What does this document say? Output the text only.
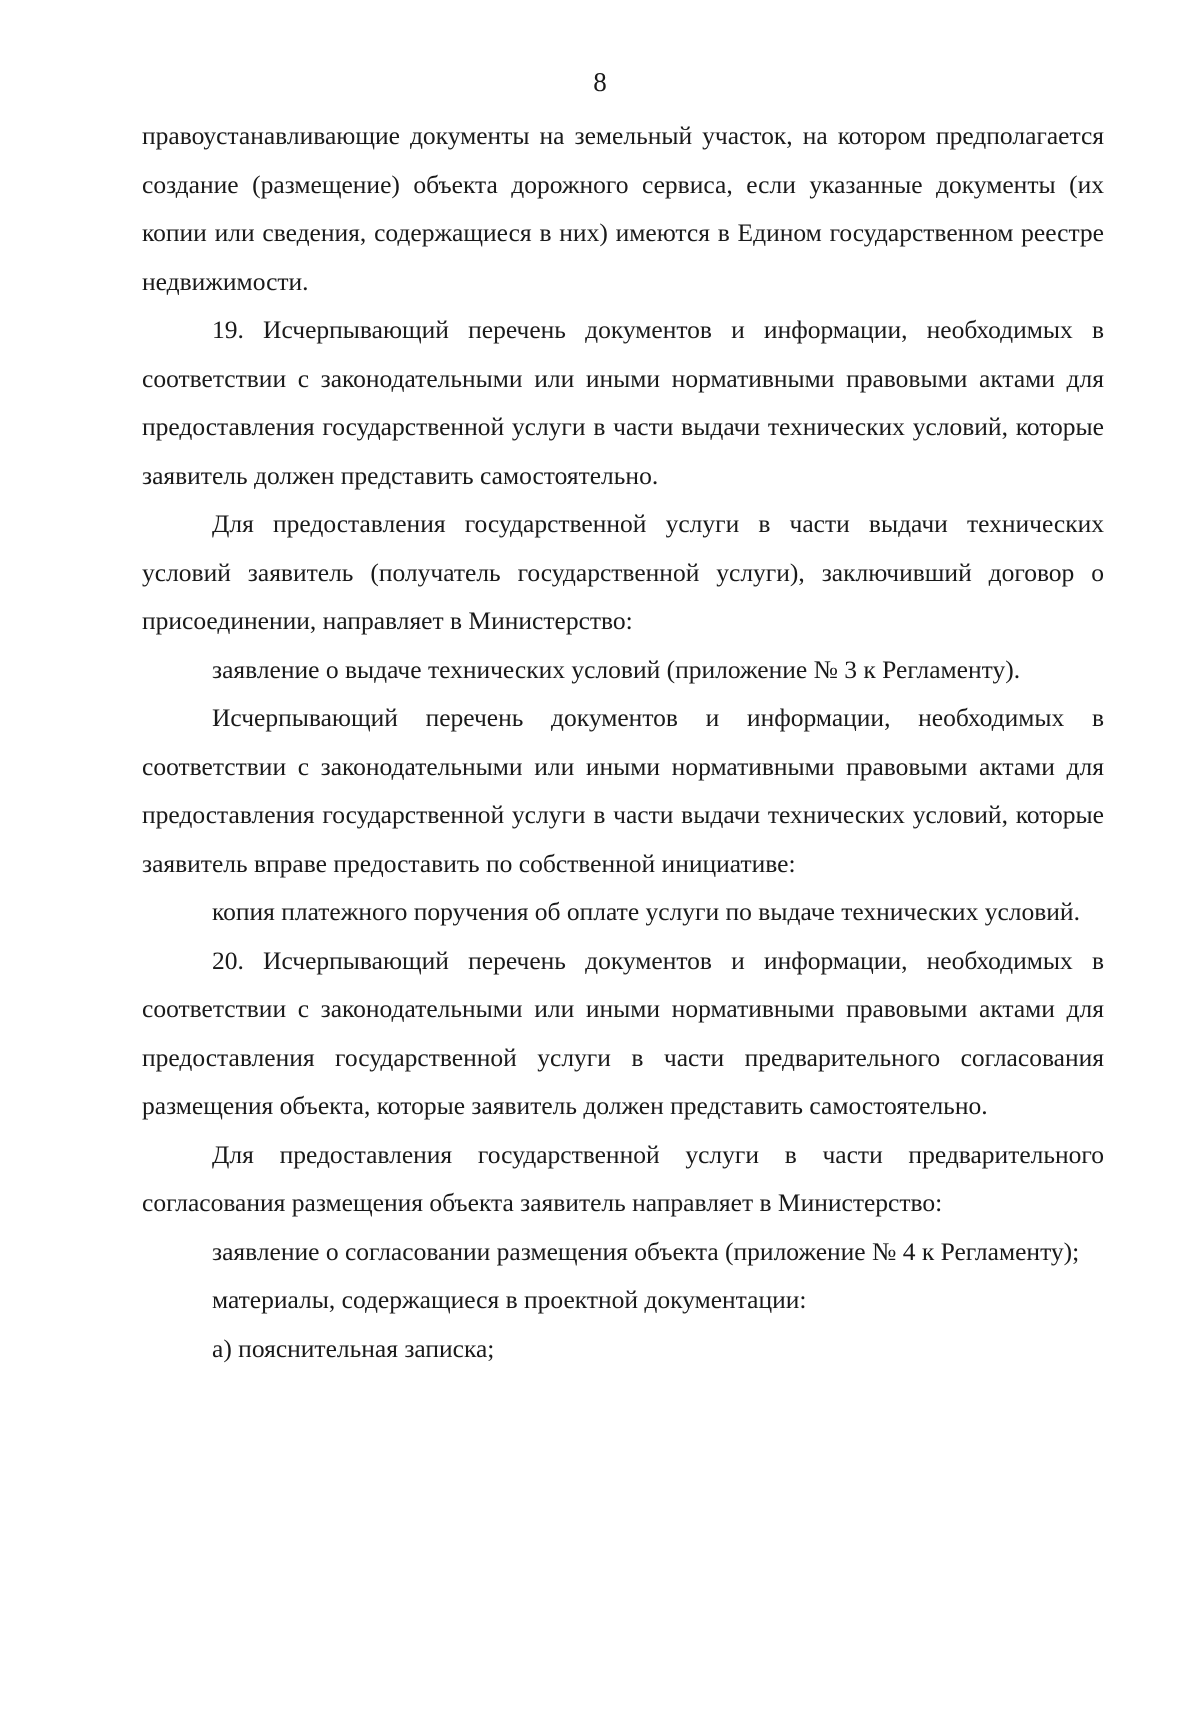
8

правоустанавливающие документы на земельный участок, на котором предполагается создание (размещение) объекта дорожного сервиса, если указанные документы (их копии или сведения, содержащиеся в них) имеются в Едином государственном реестре недвижимости.

19. Исчерпывающий перечень документов и информации, необходимых в соответствии с законодательными или иными нормативными правовыми актами для предоставления государственной услуги в части выдачи технических условий, которые заявитель должен представить самостоятельно.

Для предоставления государственной услуги в части выдачи технических условий заявитель (получатель государственной услуги), заключивший договор о присоединении, направляет в Министерство:

заявление о выдаче технических условий (приложение № 3 к Регламенту).

Исчерпывающий перечень документов и информации, необходимых в соответствии с законодательными или иными нормативными правовыми актами для предоставления государственной услуги в части выдачи технических условий, которые заявитель вправе предоставить по собственной инициативе:

копия платежного поручения об оплате услуги по выдаче технических условий.

20. Исчерпывающий перечень документов и информации, необходимых в соответствии с законодательными или иными нормативными правовыми актами для предоставления государственной услуги в части предварительного согласования размещения объекта, которые заявитель должен представить самостоятельно.

Для предоставления государственной услуги в части предварительного согласования размещения объекта заявитель направляет в Министерство:

заявление о согласовании размещения объекта (приложение № 4 к Регламенту);

материалы, содержащиеся в проектной документации:

а) пояснительная записка;
